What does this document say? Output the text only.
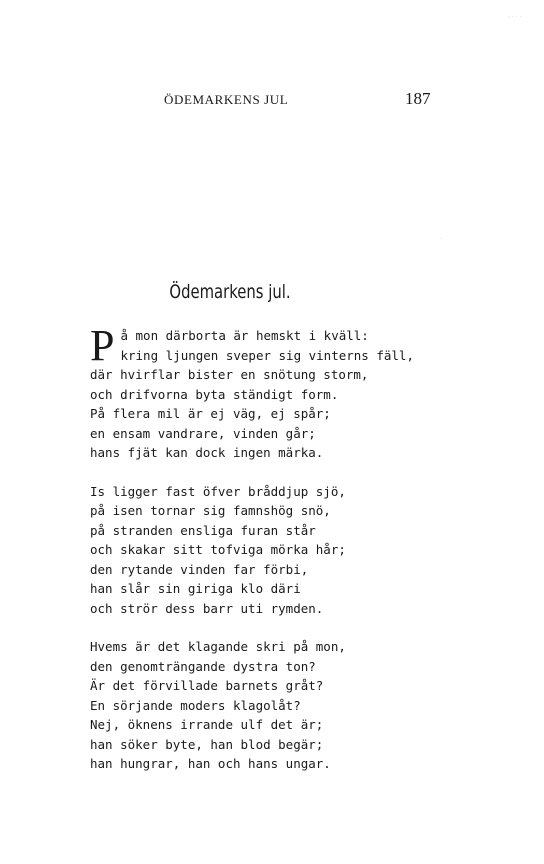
· · · ·
·
ÖDEMARKENS JUL	187
Ödemarkens jul.
P å mon därborta är hemskt i kväll:
kring ljungen sveper sig vinterns fäll,
där hvirflar bister en snötung storm,
och drifvorna byta ständigt form.
På flera mil är ej väg, ej spår;
en ensam vandrare, vinden går;
hans fjät kan dock ingen märka.
Is ligger fast öfver bråddjup sjö,
på isen tornar sig famnshög snö,
på stranden ensliga furan står
och skakar sitt tofviga mörka hår;
den rytande vinden far förbi,
han slår sin giriga klo däri
och strör dess barr uti rymden.
Hvems är det klagande skri på mon,
den genomträngande dystra ton?
Är det förvillade barnets gråt?
En sörjande moders klagolåt?
Nej, öknens irrande ulf det är;
han söker byte, han blod begär;
han hungrar, han och hans ungar.
